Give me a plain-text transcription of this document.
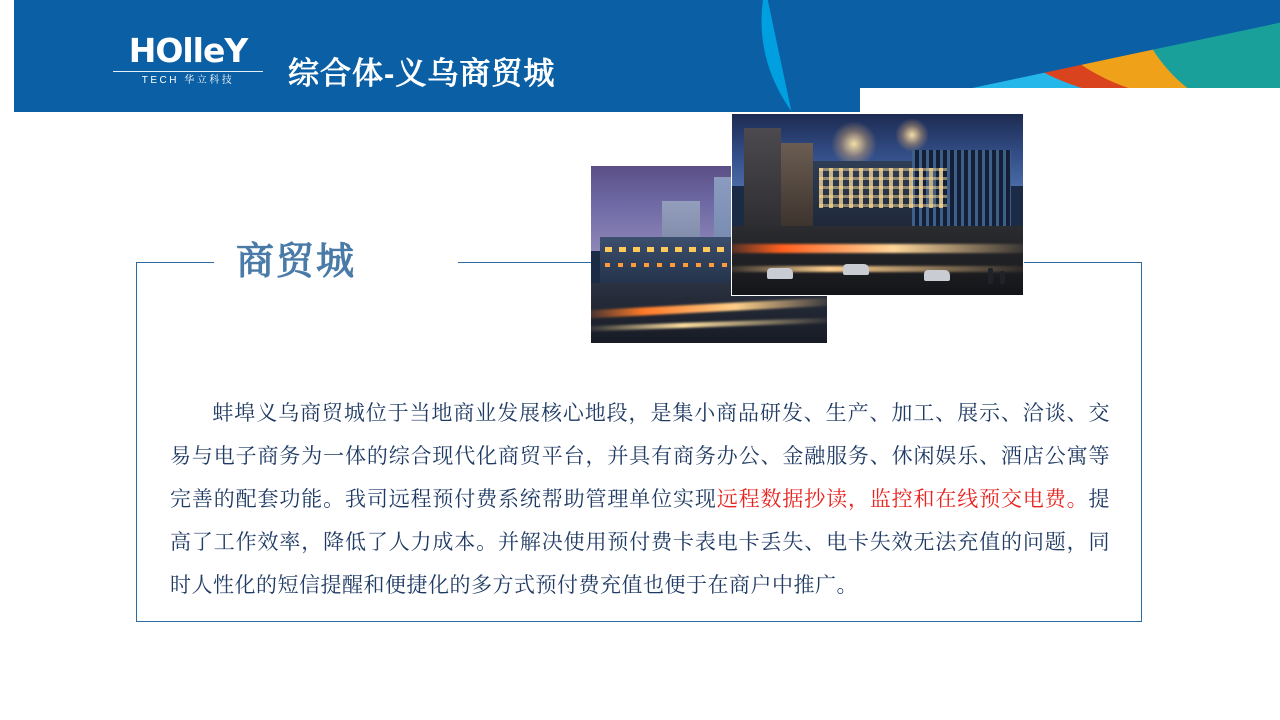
HOlleY
TECH 华立科技	综合体-义乌商贸城
商贸城
蚌埠义乌商贸城位于当地商业发展核心地段，是集小商品研发、生产、加工、展示、洽谈、交易与电子商务为一体的综合现代化商贸平台，并具有商务办公、金融服务、休闲娱乐、酒店公寓等完善的配套功能。我司远程预付费系统帮助管理单位实现远程数据抄读，监控和在线预交电费。提高了工作效率，降低了人力成本。并解决使用预付费卡表电卡丢失、电卡失效无法充值的问题，同时人性化的短信提醒和便捷化的多方式预付费充值也便于在商户中推广。
